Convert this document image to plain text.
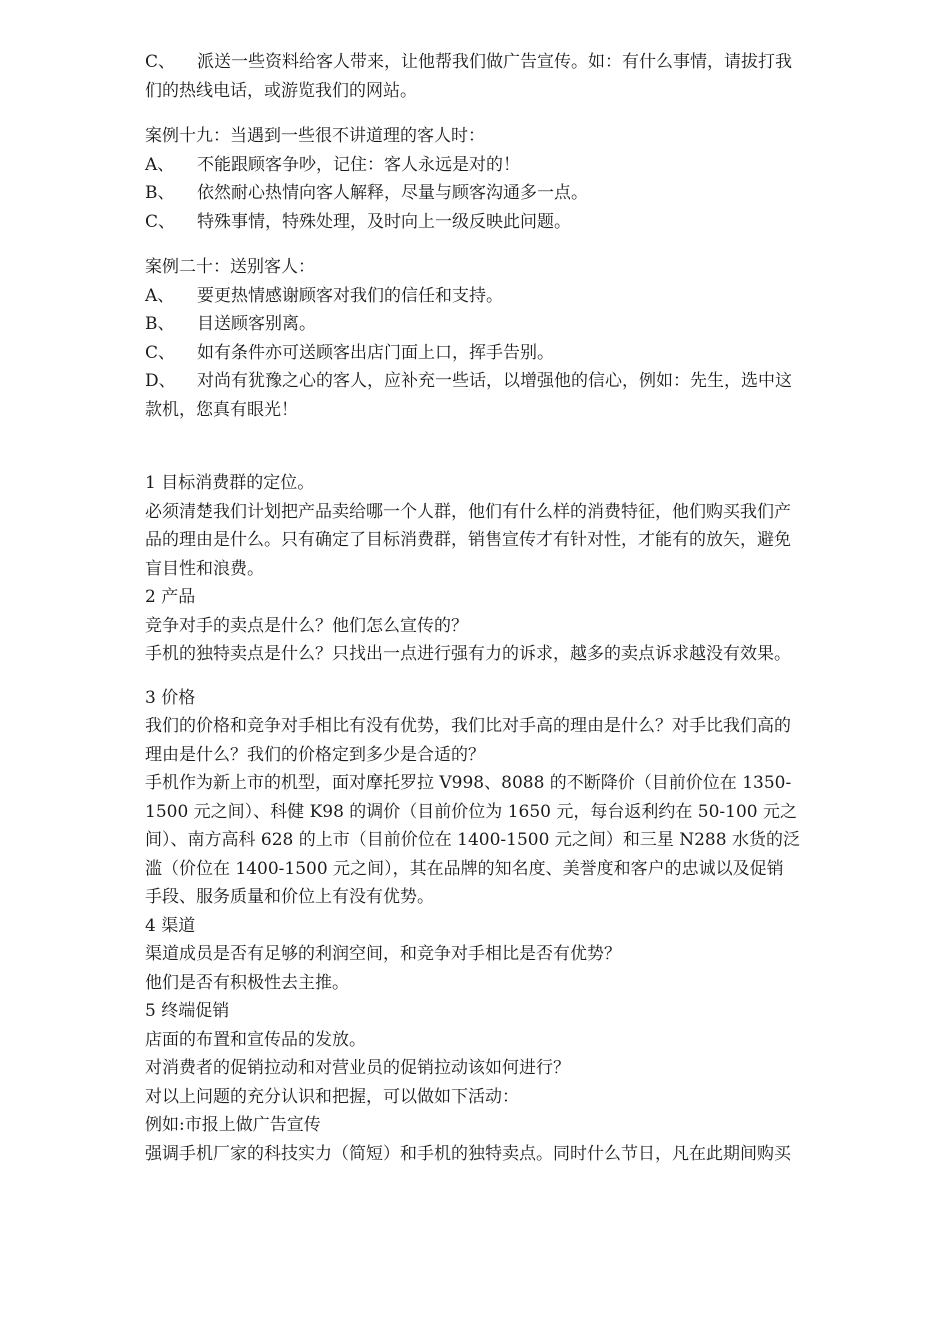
C、	派送一些资料给客人带来，让他帮我们做广告宣传。如：有什么事情，请拔打我
们的热线电话，或游览我们的网站。
案例十九：当遇到一些很不讲道理的客人时：
A、	不能跟顾客争吵，记住：客人永远是对的！
B、	依然耐心热情向客人解释，尽量与顾客沟通多一点。
C、	特殊事情，特殊处理，及时向上一级反映此问题。
案例二十：送别客人：
A、	要更热情感谢顾客对我们的信任和支持。
B、	目送顾客别离。
C、	如有条件亦可送顾客出店门面上口，挥手告别。
D、	对尚有犹豫之心的客人，应补充一些话，以增强他的信心，例如：先生，选中这
款机，您真有眼光！
1 目标消费群的定位。
必须清楚我们计划把产品卖给哪一个人群，他们有什么样的消费特征，他们购买我们产
品的理由是什么。只有确定了目标消费群，销售宣传才有针对性，才能有的放矢，避免
盲目性和浪费。
2 产品
竞争对手的卖点是什么？他们怎么宣传的？
手机的独特卖点是什么？只找出一点进行强有力的诉求，越多的卖点诉求越没有效果。
3 价格
我们的价格和竞争对手相比有没有优势，我们比对手高的理由是什么？对手比我们高的
理由是什么？我们的价格定到多少是合适的？
手机作为新上市的机型，面对摩托罗拉 V998、8088 的不断降价（目前价位在 1350-
1500 元之间）、科健 K98 的调价（目前价位为 1650 元，每台返利约在 50-100 元之
间）、南方高科 628 的上市（目前价位在 1400-1500 元之间）和三星 N288 水货的泛
滥（价位在 1400-1500 元之间），其在品牌的知名度、美誉度和客户的忠诚以及促销
手段、服务质量和价位上有没有优势。
4 渠道
渠道成员是否有足够的利润空间，和竞争对手相比是否有优势？
他们是否有积极性去主推。
5 终端促销
店面的布置和宣传品的发放。
对消费者的促销拉动和对营业员的促销拉动该如何进行？
对以上问题的充分认识和把握，可以做如下活动：
例如:市报上做广告宣传
强调手机厂家的科技实力（简短）和手机的独特卖点。同时什么节日，凡在此期间购买
